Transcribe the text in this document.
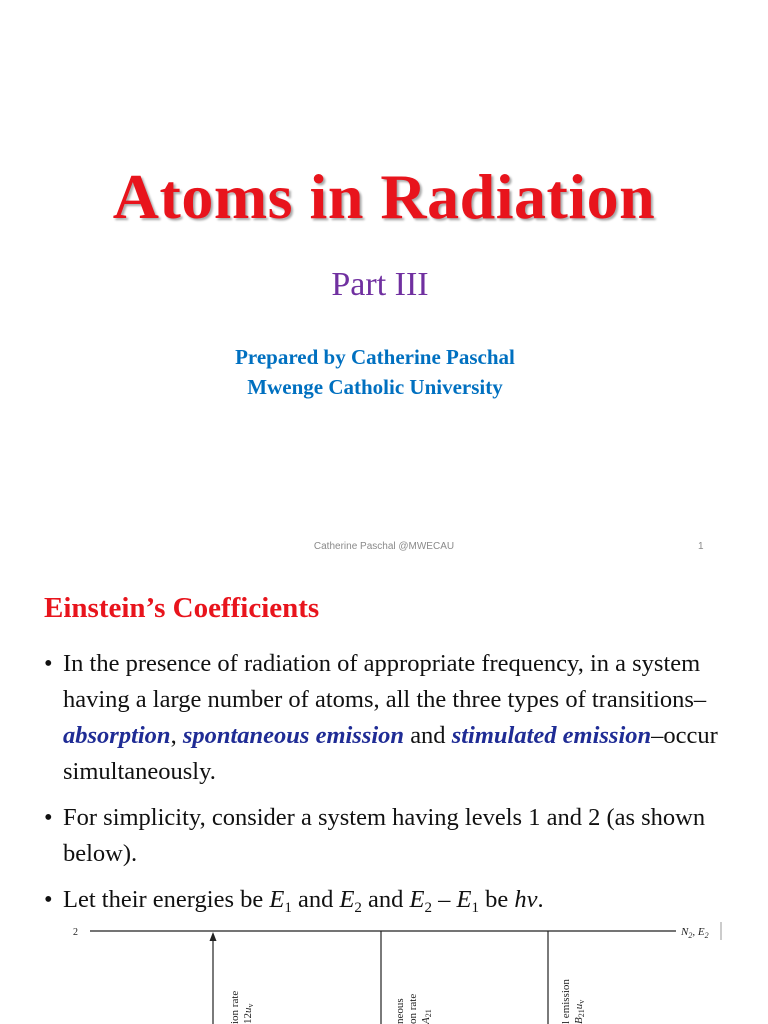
Atoms in Radiation
Part III
Prepared by Catherine Paschal
Mwenge Catholic University
Catherine Paschal @MWECAU	1
Einstein’s Coefficients
• In the presence of radiation of appropriate frequency, in a system having a large number of atoms, all the three types of transitions–absorption, spontaneous emission and stimulated emission–occur simultaneously.
• For simplicity, consider a system having levels 1 and 2 (as shown below).
• Let their energies be $E_1$ and $E_2$ and $E_2 - E_1$ be hv.
2	$N_2$, $E_2$
ion rate 12uv	neous on rate A21	l emission B21uv
